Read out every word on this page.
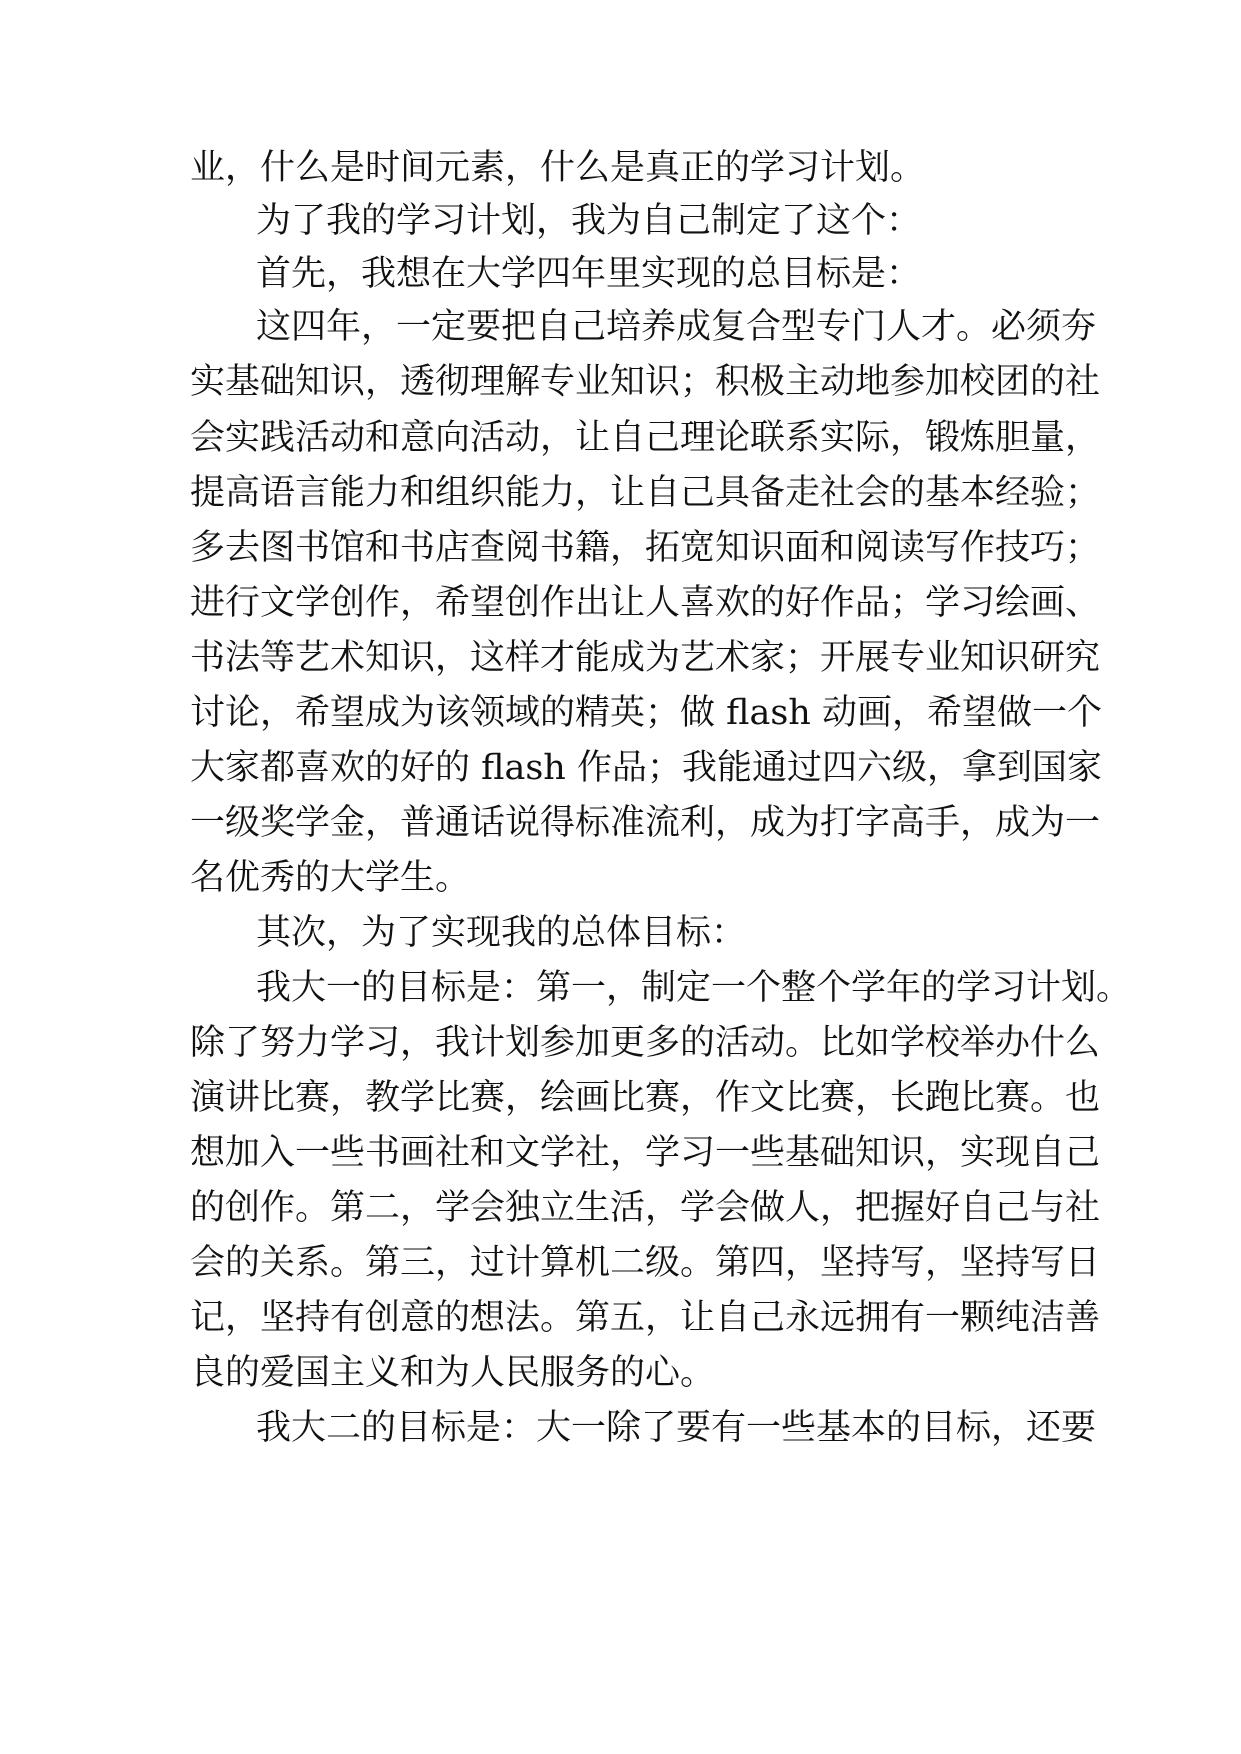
业，什么是时间元素，什么是真正的学习计划。
为了我的学习计划，我为自己制定了这个：
首先，我想在大学四年里实现的总目标是：
这四年，一定要把自己培养成复合型专门人才。必须夯
实基础知识，透彻理解专业知识；积极主动地参加校团的社
会实践活动和意向活动，让自己理论联系实际，锻炼胆量，
提高语言能力和组织能力，让自己具备走社会的基本经验；
多去图书馆和书店查阅书籍，拓宽知识面和阅读写作技巧；
进行文学创作，希望创作出让人喜欢的好作品；学习绘画、
书法等艺术知识，这样才能成为艺术家；开展专业知识研究
讨论，希望成为该领域的精英；做 flash 动画，希望做一个
大家都喜欢的好的 flash 作品；我能通过四六级，拿到国家
一级奖学金，普通话说得标准流利，成为打字高手，成为一
名优秀的大学生。
其次，为了实现我的总体目标：
我大一的目标是：第一，制定一个整个学年的学习计划。
除了努力学习，我计划参加更多的活动。比如学校举办什么
演讲比赛，教学比赛，绘画比赛，作文比赛，长跑比赛。也
想加入一些书画社和文学社，学习一些基础知识，实现自己
的创作。第二，学会独立生活，学会做人，把握好自己与社
会的关系。第三，过计算机二级。第四，坚持写，坚持写日
记，坚持有创意的想法。第五，让自己永远拥有一颗纯洁善
良的爱国主义和为人民服务的心。
我大二的目标是：大一除了要有一些基本的目标，还要
